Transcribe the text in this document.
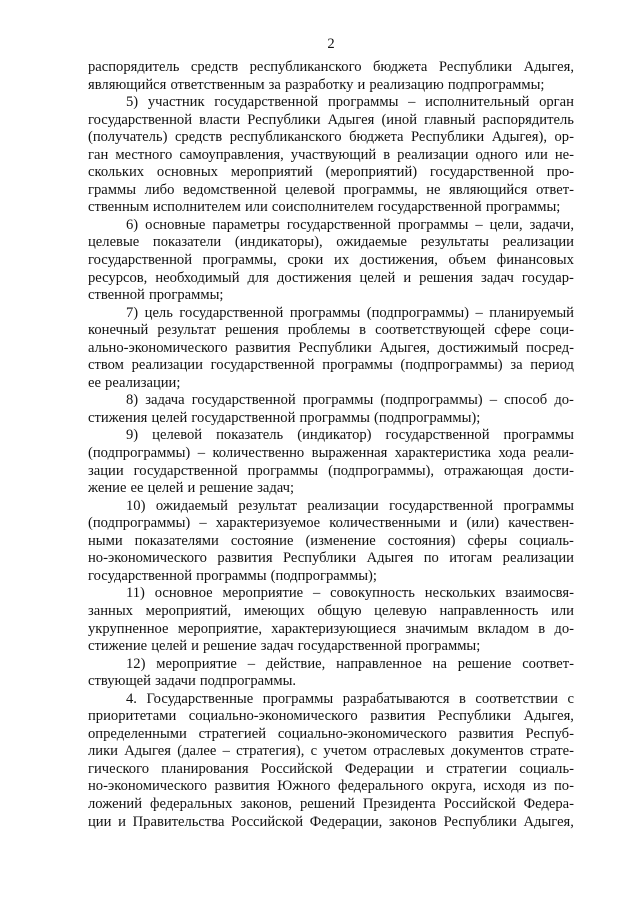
2
распорядитель средств республиканского бюджета Республики Адыгея,
являющийся ответственным за разработку и реализацию подпрограммы;
5) участник государственной программы – исполнительный орган
государственной власти Республики Адыгея (иной главный распорядитель
(получатель) средств республиканского бюджета Республики Адыгея), ор-
ган местного самоуправления, участвующий в реализации одного или не-
скольких основных мероприятий (мероприятий) государственной про-
граммы либо ведомственной целевой программы, не являющийся ответ-
ственным исполнителем или соисполнителем государственной программы;
6) основные параметры государственной программы – цели, задачи,
целевые показатели (индикаторы), ожидаемые результаты реализации
государственной программы, сроки их достижения, объем финансовых
ресурсов, необходимый для достижения целей и решения задач государ-
ственной программы;
7) цель государственной программы (подпрограммы) – планируемый
конечный результат решения проблемы в соответствующей сфере соци-
ально-экономического развития Республики Адыгея, достижимый посред-
ством реализации государственной программы (подпрограммы) за период
ее реализации;
8) задача государственной программы (подпрограммы) – способ до-
стижения целей государственной программы (подпрограммы);
9) целевой показатель (индикатор) государственной программы
(подпрограммы) – количественно выраженная характеристика хода реали-
зации государственной программы (подпрограммы), отражающая дости-
жение ее целей и решение задач;
10) ожидаемый результат реализации государственной программы
(подпрограммы) – характеризуемое количественными и (или) качествен-
ными показателями состояние (изменение состояния) сферы социаль-
но-экономического развития Республики Адыгея по итогам реализации
государственной программы (подпрограммы);
11) основное мероприятие – совокупность нескольких взаимосвя-
занных мероприятий, имеющих общую целевую направленность или
укрупненное мероприятие, характеризующиеся значимым вкладом в до-
стижение целей и решение задач государственной программы;
12) мероприятие – действие, направленное на решение соответ-
ствующей задачи подпрограммы.
4. Государственные программы разрабатываются в соответствии с
приоритетами социально-экономического развития Республики Адыгея,
определенными стратегией социально-экономического развития Респуб-
лики Адыгея (далее – стратегия), с учетом отраслевых документов страте-
гического планирования Российской Федерации и стратегии социаль-
но-экономического развития Южного федерального округа, исходя из по-
ложений федеральных законов, решений Президента Российской Федера-
ции и Правительства Российской Федерации, законов Республики Адыгея,
